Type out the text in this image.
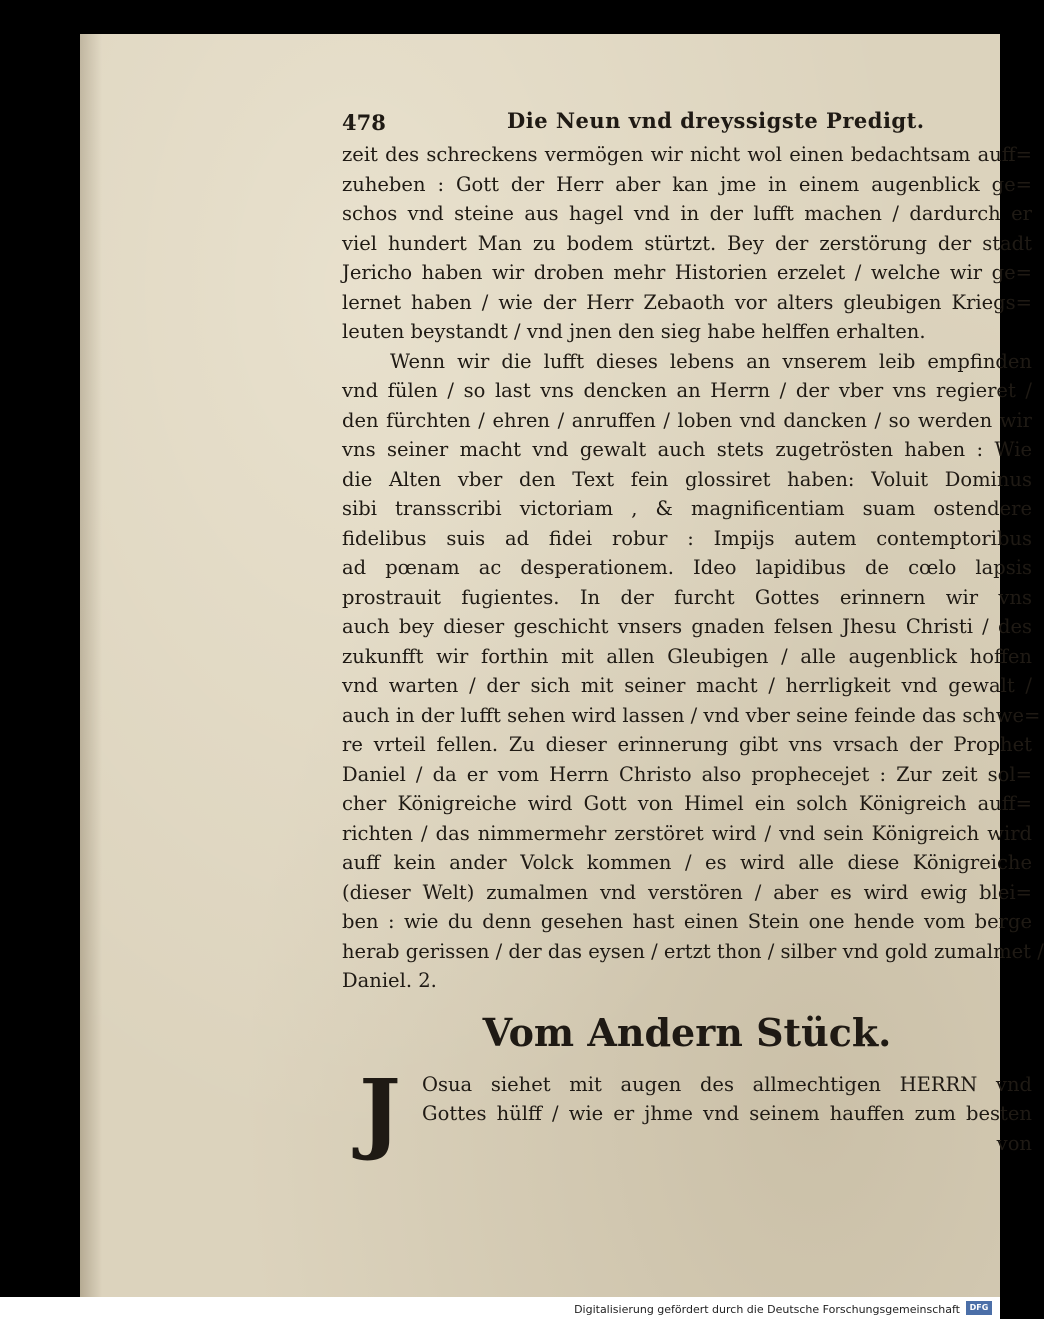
478	Die Neun vnd dreyssigste Predigt.
zeit des schreckens vermögen wir nicht wol einen bedachtsam auff=
zuheben : Gott der Herr aber kan jme in einem augenblick ge=
schos vnd steine aus hagel vnd in der lufft machen / dardurch er
viel hundert Man zu bodem stürtzt. Bey der zerstörung der stadt
Jericho haben wir droben mehr Historien erzelet / welche wir ge=
lernet haben / wie der Herr Zebaoth vor alters gleubigen Kriegs=
leuten beystandt / vnd jnen den sieg habe helffen erhalten.
Wenn wir die lufft dieses lebens an vnserem leib empfinden
vnd fülen / so last vns dencken an Herrn / der vber vns regieret /
den fürchten / ehren / anruffen / loben vnd dancken / so werden wir
vns seiner macht vnd gewalt auch stets zugetrösten haben : Wie
die Alten vber den Text fein glossiret haben: Voluit Dominus
sibi transscribi victoriam , & magnificentiam suam ostendere
fidelibus suis ad fidei robur : Impijs autem contemptoribus
ad pœnam ac desperationem. Ideo lapidibus de cœlo lapsis
prostrauit fugientes. In der furcht Gottes erinnern wir vns
auch bey dieser geschicht vnsers gnaden felsen Jhesu Christi / des
zukunfft wir forthin mit allen Gleubigen / alle augenblick hoffen
vnd warten / der sich mit seiner macht / herrligkeit vnd gewalt /
auch in der lufft sehen wird lassen / vnd vber seine feinde das schwe=
re vrteil fellen. Zu dieser erinnerung gibt vns vrsach der Prophet
Daniel / da er vom Herrn Christo also prophecejet : Zur zeit sol=
cher Königreiche wird Gott von Himel ein solch Königreich auff=
richten / das nimmermehr zerstöret wird / vnd sein Königreich wird
auff kein ander Volck kommen / es wird alle diese Königreiche
(dieser Welt) zumalmen vnd verstören / aber es wird ewig blei=
ben : wie du denn gesehen hast einen Stein one hende vom berge
herab gerissen / der das eysen / ertzt thon / silber vnd gold zumalmet /
Daniel. 2.
Vom Andern Stück.
J	Osua siehet mit augen des allmechtigen HERRN vnd
Gottes hülff / wie er jhme vnd seinem hauffen zum besten
von
Digitalisierung gefördert durch die Deutsche Forschungsgemeinschaft	DFG
